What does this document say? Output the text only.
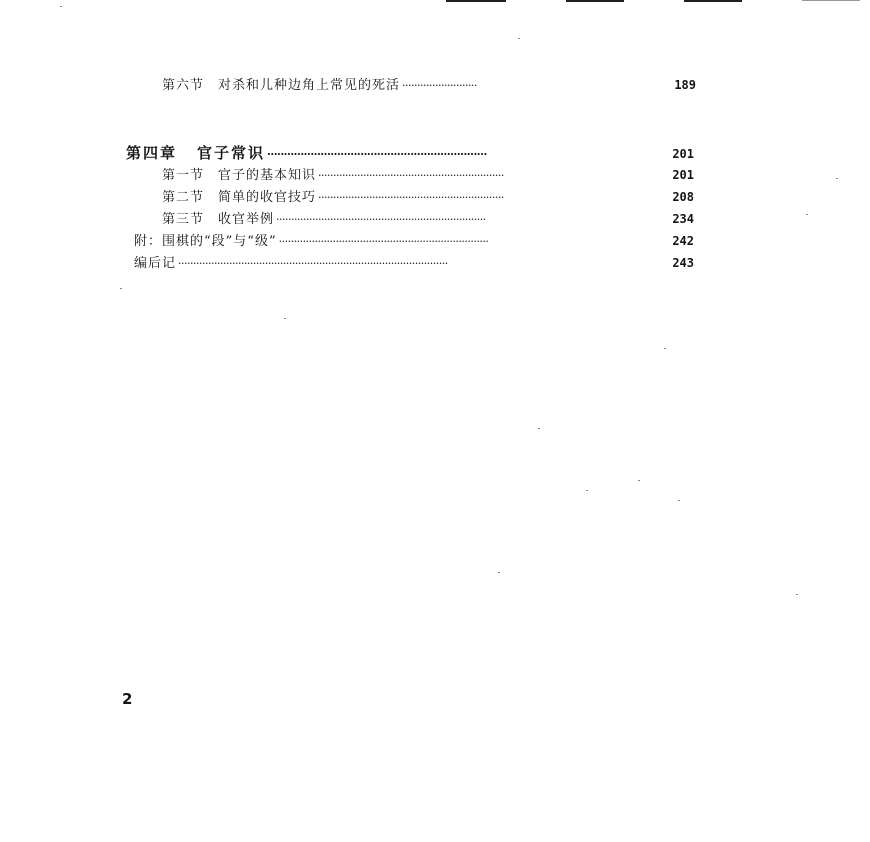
第六节 对杀和儿种边角上常见的死活 ·························	189
第四章 官子常识 ··································································	201
第一节 官子的基本知识 ······························································	201
第二节 简单的收官技巧 ······························································	208
第三节 收官举例 ······································································	234
附：围棋的“段”与“级” ······································································	242
编后记 ··························································································	243
2
